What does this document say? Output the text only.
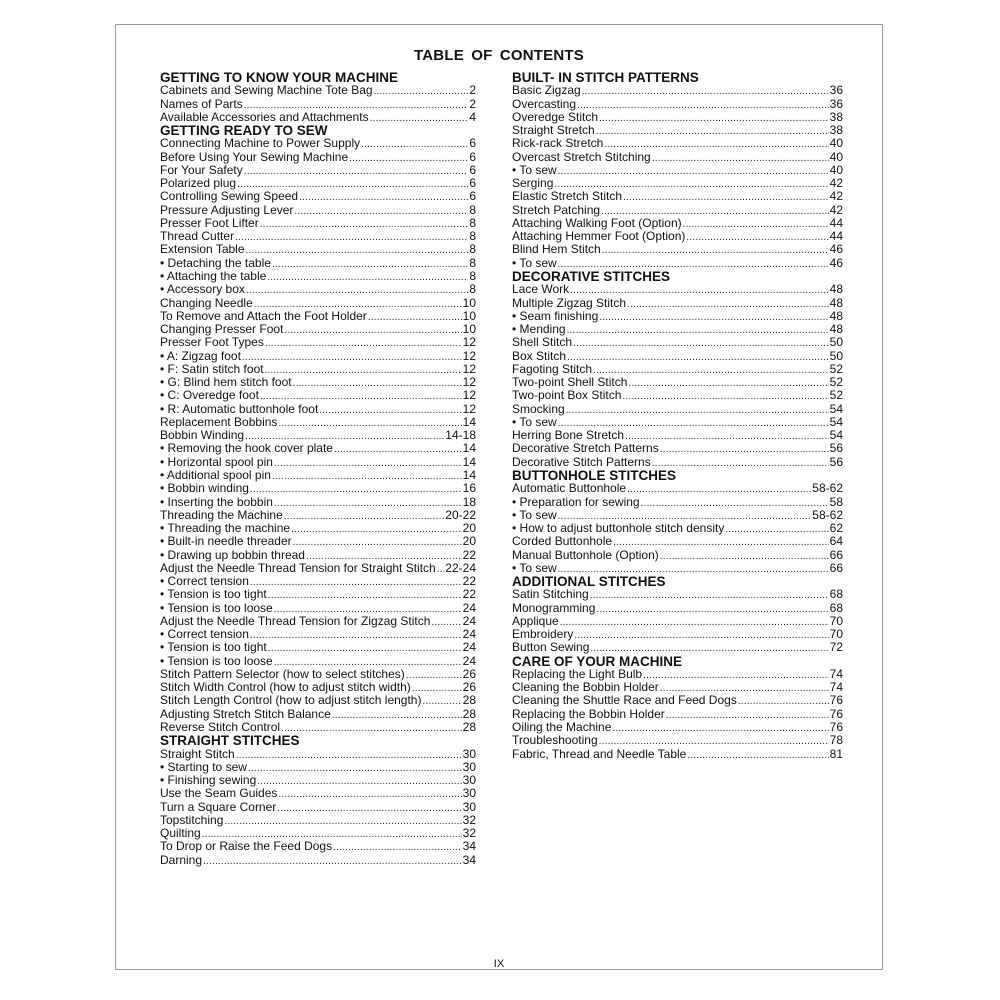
TABLE OF CONTENTS
GETTING TO KNOW YOUR MACHINE
Cabinets and Sewing Machine Tote Bag .....	2
Names of Parts .....	2
Available Accessories and Attachments .....	4
GETTING READY TO SEW
Connecting Machine to Power Supply .....	6
Before Using Your Sewing Machine .....	6
For Your Safety .....	6
Polarized plug .....	6
Controlling Sewing Speed .....	6
Pressure Adjusting Lever .....	8
Presser Foot Lifter .....	8
Thread Cutter .....	8
Extension Table .....	8
• Detaching the table .....	8
• Attaching the table .....	8
• Accessory box .....	8
Changing Needle .....	10
To Remove and Attach the Foot Holder .....	10
Changing Presser Foot .....	10
Presser Foot Types .....	12
• A: Zigzag foot .....	12
• F: Satin stitch foot .....	12
• G: Blind hem stitch foot .....	12
• C: Overedge foot .....	12
• R: Automatic buttonhole foot .....	12
Replacement Bobbins .....	14
Bobbin Winding .....	14-18
• Removing the hook cover plate .....	14
• Horizontal spool pin .....	14
• Additional spool pin .....	14
• Bobbin winding .....	16
• Inserting the bobbin .....	18
Threading the Machine .....	20-22
• Threading the machine .....	20
• Built-in needle threader .....	20
• Drawing up bobbin thread .....	22
Adjust the Needle Thread Tension for Straight Stitch ..... 22-24
• Correct tension .....	22
• Tension is too tight .....	22
• Tension is too loose .....	24
Adjust the Needle Thread Tension for Zigzag Stitch .....	24
• Correct tension .....	24
• Tension is too tight .....	24
• Tension is too loose .....	24
Stitch Pattern Selector (how to select stitches) .....	26
Stitch Width Control (how to adjust stitch width) .....	26
Stitch Length Control (how to adjust stitch length) .....	28
Adjusting Stretch Stitch Balance .....	28
Reverse Stitch Control .....	28
STRAIGHT STITCHES
Straight Stitch .....	30
• Starting to sew .....	30
• Finishing sewing .....	30
Use the Seam Guides .....	30
Turn a Square Corner .....	30
Topstitching .....	32
Quilting .....	32
To Drop or Raise the Feed Dogs .....	34
Darning .....	34
BUILT- IN STITCH PATTERNS
Basic Zigzag .....	36
Overcasting .....	36
Overedge Stitch .....	38
Straight Stretch .....	38
Rick-rack Stretch .....	40
Overcast Stretch Stitching .....	40
• To sew .....	40
Serging .....	42
Elastic Stretch Stitch .....	42
Stretch Patching .....	42
Attaching Walking Foot (Option) .....	44
Attaching Hemmer Foot (Option) .....	44
Blind Hem Stitch .....	46
• To sew .....	46
DECORATIVE STITCHES
Lace Work .....	48
Multiple Zigzag Stitch .....	48
• Seam finishing .....	48
• Mending .....	48
Shell Stitch .....	50
Box Stitch .....	50
Fagoting Stitch .....	52
Two-point Shell Stitch .....	52
Two-point Box Stitch .....	52
Smocking .....	54
• To sew .....	54
Herring Bone Stretch .....	54
Decorative Stretch Patterns .....	56
Decorative Stitch Patterns .....	56
BUTTONHOLE STITCHES
Automatic Buttonhole .....	58-62
• Preparation for sewing .....	58
• To sew .....	58-62
• How to adjust buttonhole stitch density .....	62
Corded Buttonhole .....	64
Manual Buttonhole (Option) .....	66
• To sew .....	66
ADDITIONAL STITCHES
Satin Stitching .....	68
Monogramming .....	68
Applique .....	70
Embroidery .....	70
Button Sewing .....	72
CARE OF YOUR MACHINE
Replacing the Light Bulb .....	74
Cleaning the Bobbin Holder .....	74
Cleaning the Shuttle Race and Feed Dogs .....	76
Replacing the Bobbin Holder .....	76
Oiling the Machine .....	76
Troubleshooting .....	78
Fabric, Thread and Needle Table .....	81
IX
